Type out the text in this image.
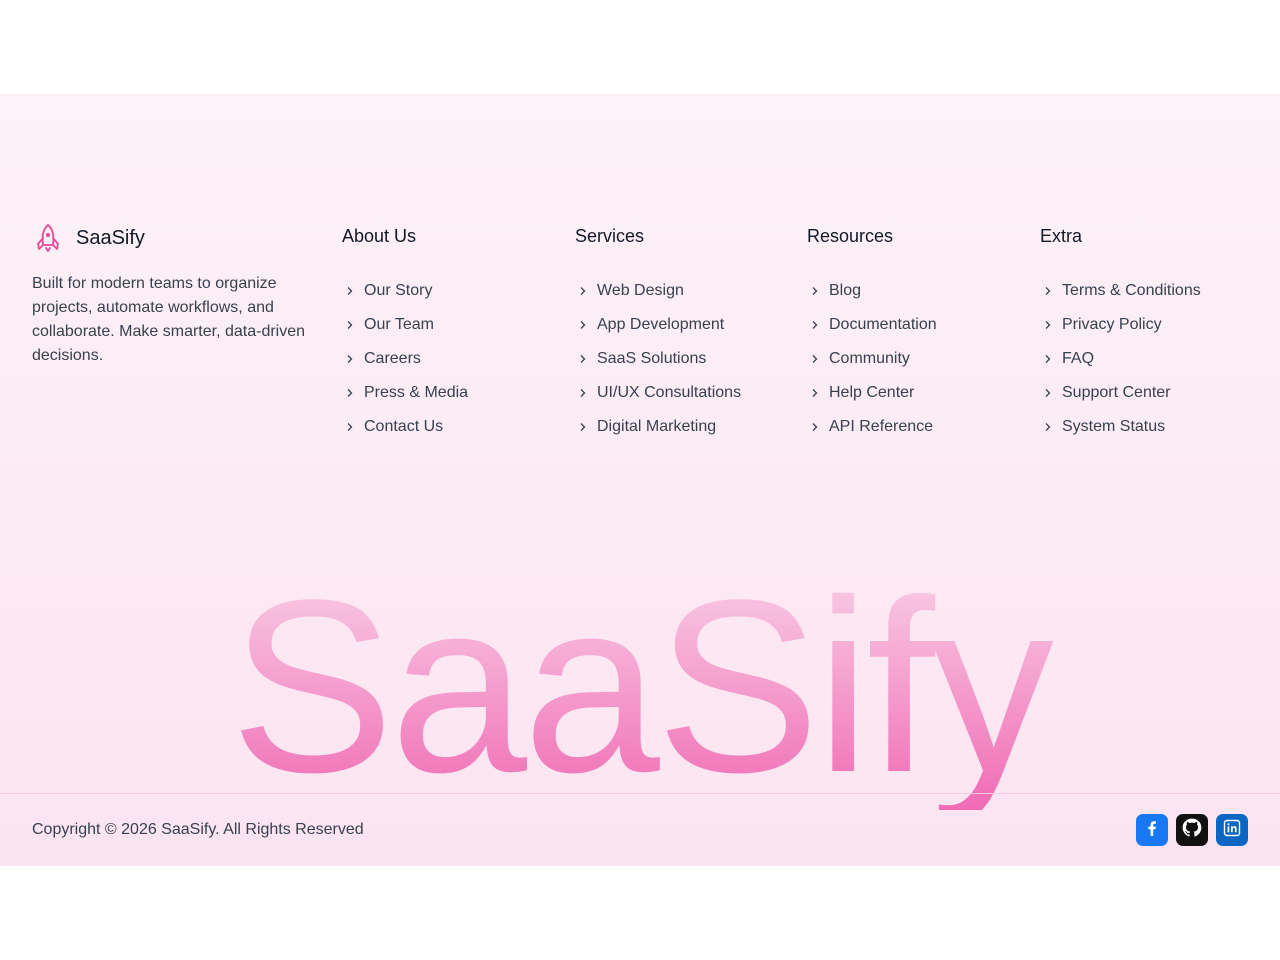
SaaSify

Built for modern teams to organize projects, automate workflows, and collaborate. Make smarter, data-driven decisions.

About Us
Our Story
Our Team
Careers
Press & Media
Contact Us
Services
Web Design
App Development
SaaS Solutions
UI/UX Consultations
Digital Marketing
Resources
Blog
Documentation
Community
Help Center
API Reference
Extra
Terms & Conditions
Privacy Policy
FAQ
Support Center
System Status
SaaSify

Copyright © 2026 SaaSify. All Rights Reserved
